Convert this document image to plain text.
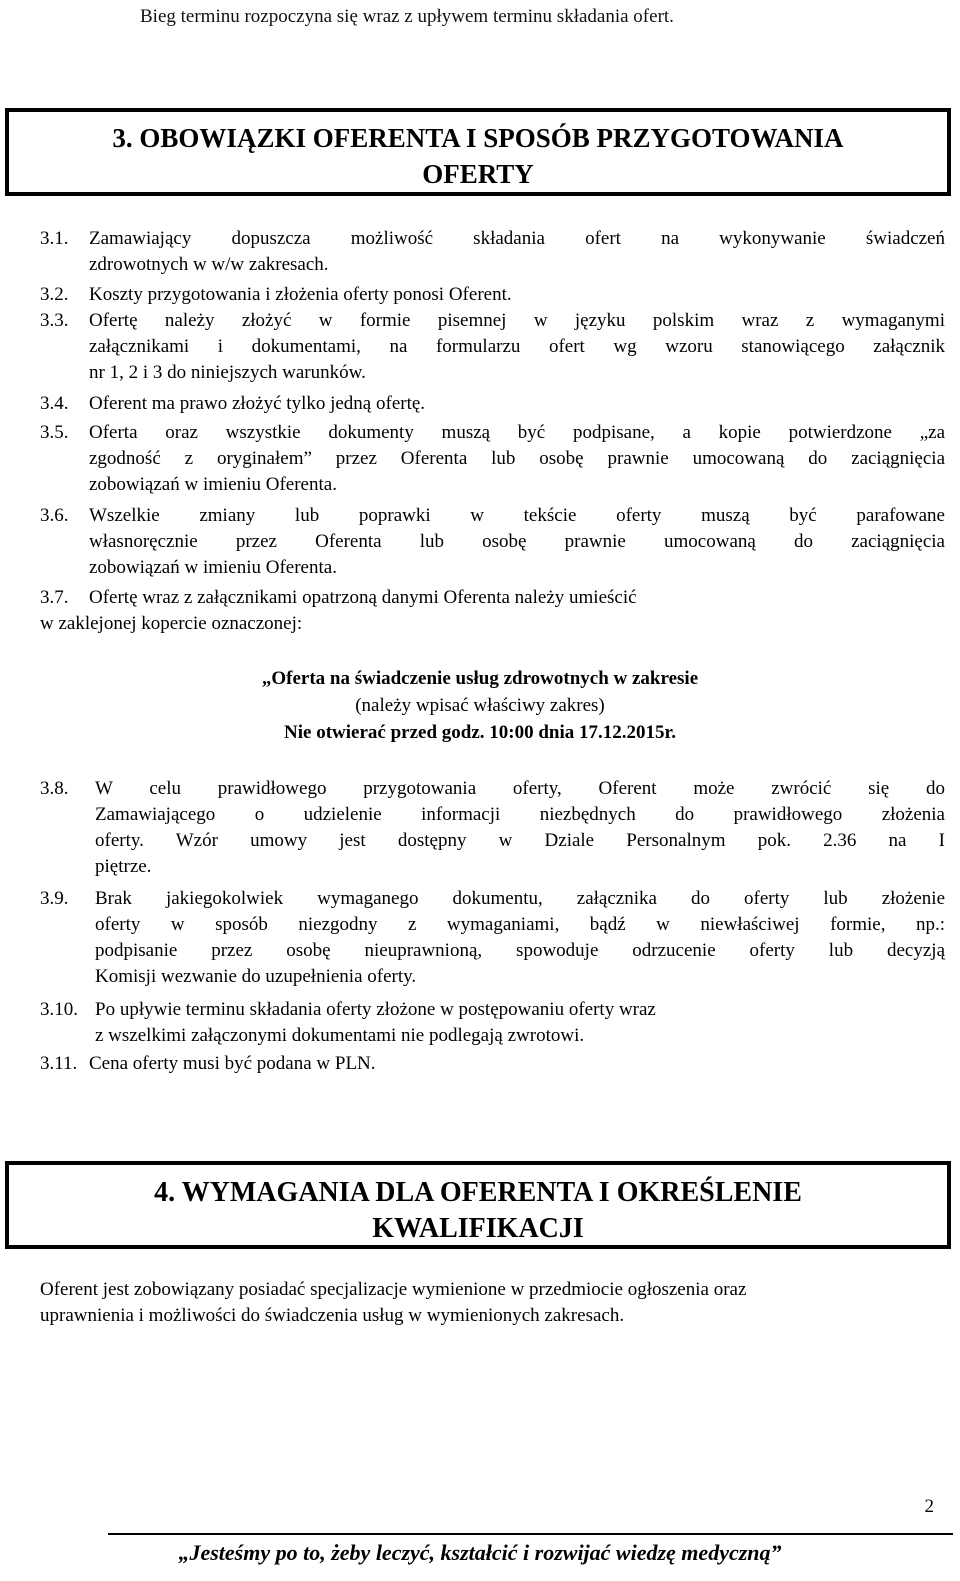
Bieg terminu rozpoczyna się wraz z upływem terminu składania ofert.
3. OBOWIĄZKI OFERENTA I SPOSÓB PRZYGOTOWANIA
OFERTY
3.1. Zamawiający dopuszcza możliwość składania ofert na wykonywanie świadczeń
zdrowotnych w w/w zakresach.
3.2. Koszty przygotowania i złożenia oferty ponosi Oferent.
3.3. Ofertę należy złożyć w formie pisemnej w języku polskim wraz z wymaganymi
załącznikami i dokumentami, na formularzu ofert wg wzoru stanowiącego załącznik
nr 1, 2 i 3 do niniejszych warunków.
3.4. Oferent ma prawo złożyć tylko jedną ofertę.
3.5. Oferta oraz wszystkie dokumenty muszą być podpisane, a kopie potwierdzone „za
zgodność z oryginałem” przez Oferenta lub osobę prawnie umocowaną do zaciągnięcia
zobowiązań w imieniu Oferenta.
3.6. Wszelkie zmiany lub poprawki w tekście oferty muszą być parafowane
własnoręcznie przez Oferenta lub osobę prawnie umocowaną do zaciągnięcia
zobowiązań w imieniu Oferenta.
3.7. Ofertę wraz z załącznikami opatrzoną danymi Oferenta należy umieścić
w zaklejonej kopercie oznaczonej:
„Oferta na świadczenie usług zdrowotnych w zakresie
(należy wpisać właściwy zakres)
Nie otwierać przed godz. 10:00 dnia 17.12.2015r.
3.8. W celu prawidłowego przygotowania oferty, Oferent może zwrócić się do
Zamawiającego o udzielenie informacji niezbędnych do prawidłowego złożenia
oferty. Wzór umowy jest dostępny w Dziale Personalnym pok. 2.36 na I
piętrze.
3.9. Brak jakiegokolwiek wymaganego dokumentu, załącznika do oferty lub złożenie
oferty w sposób niezgodny z wymaganiami, bądź w niewłaściwej formie, np.:
podpisanie przez osobę nieuprawnioną, spowoduje odrzucenie oferty lub decyzją
Komisji wezwanie do uzupełnienia oferty.
3.10. Po upływie terminu składania oferty złożone w postępowaniu oferty wraz
z wszelkimi załączonymi dokumentami nie podlegają zwrotowi.
3.11. Cena oferty musi być podana w PLN.
4. WYMAGANIA DLA OFERENTA I OKREŚLENIE
KWALIFIKACJI
Oferent jest zobowiązany posiadać specjalizacje wymienione w przedmiocie ogłoszenia oraz
uprawnienia i możliwości do świadczenia usług w wymienionych zakresach.
2
„Jesteśmy po to, żeby leczyć, kształcić i rozwijać wiedzę medyczną”
